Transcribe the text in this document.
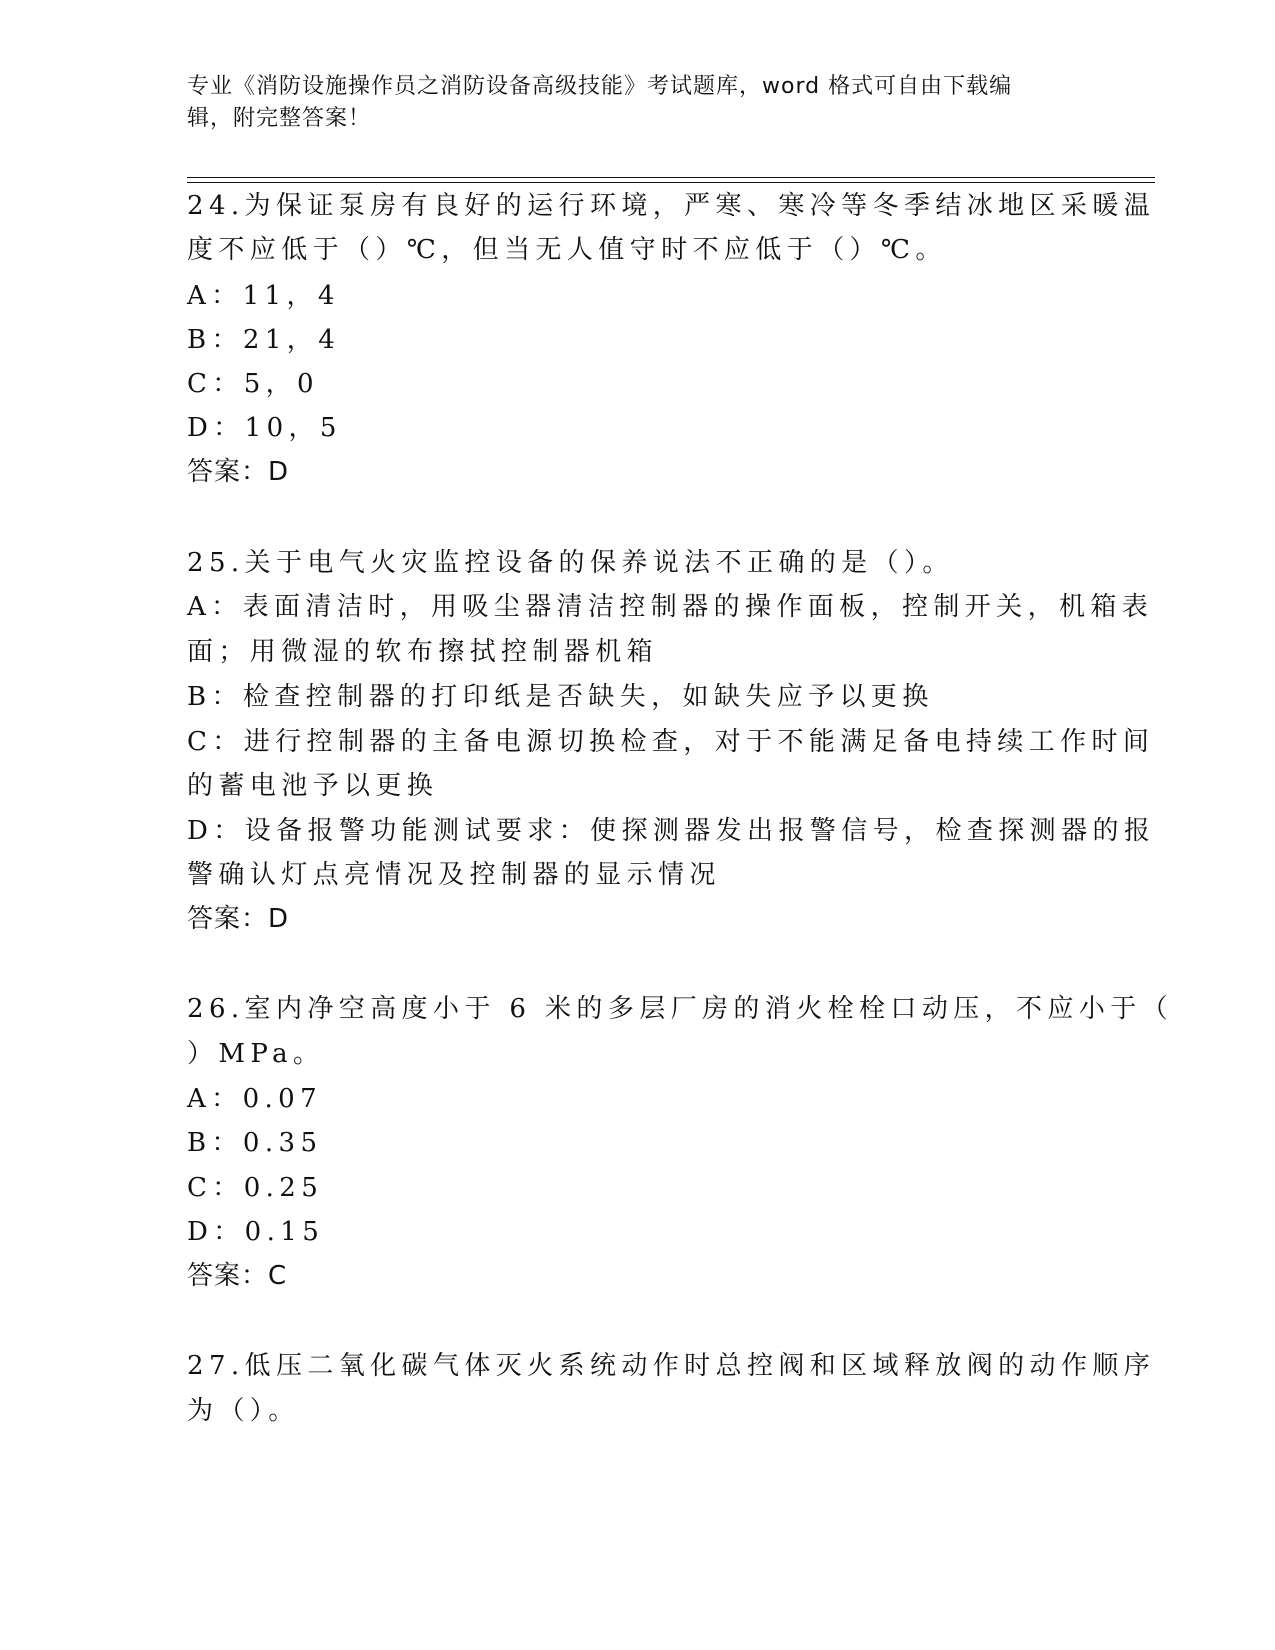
专业《消防设施操作员之消防设备高级技能》考试题库，word 格式可自由下载编
辑，附完整答案！
24.为保证泵房有良好的运行环境，严寒、寒冷等冬季结冰地区采暖温
度不应低于（）℃，但当无人值守时不应低于（）℃。
A：11，4
B：21，4
C：5，0
D：10，5
答案：D
25.关于电气火灾监控设备的保养说法不正确的是（）。
A：表面清洁时，用吸尘器清洁控制器的操作面板，控制开关，机箱表
面；用微湿的软布擦拭控制器机箱
B：检查控制器的打印纸是否缺失，如缺失应予以更换
C：进行控制器的主备电源切换检查，对于不能满足备电持续工作时间
的蓄电池予以更换
D：设备报警功能测试要求：使探测器发出报警信号，检查探测器的报
警确认灯点亮情况及控制器的显示情况
答案：D
26.室内净空高度小于 6 米的多层厂房的消火栓栓口动压，不应小于（
）MPa。
A：0.07
B：0.35
C：0.25
D：0.15
答案：C
27.低压二氧化碳气体灭火系统动作时总控阀和区域释放阀的动作顺序
为（）。
